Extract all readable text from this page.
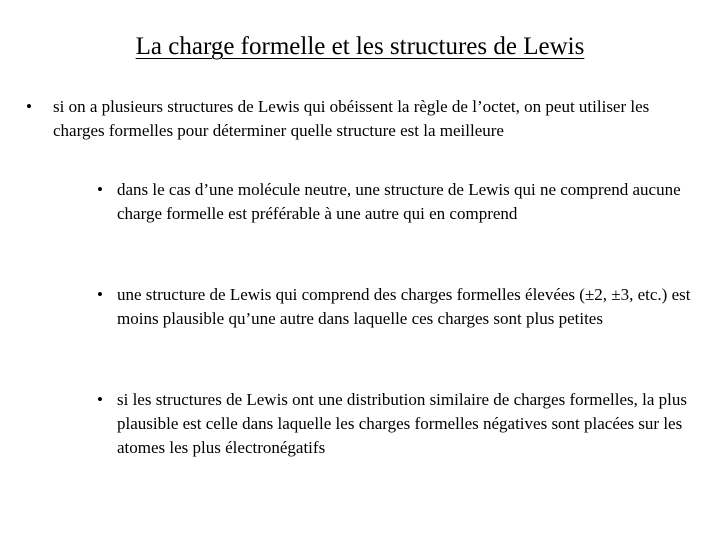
La charge formelle et les structures de Lewis
•	si on a plusieurs structures de Lewis qui obéissent la règle de l’octet, on peut utiliser les charges formelles pour déterminer quelle structure est la meilleure
• dans le cas d’une molécule neutre, une structure de Lewis qui ne comprend aucune charge formelle est préférable à une autre qui en comprend
• une structure de Lewis qui comprend des charges formelles élevées (±2, ±3, etc.) est moins plausible qu’une autre dans laquelle ces charges sont plus petites
• si les structures de Lewis ont une distribution similaire de charges formelles, la plus plausible est celle dans laquelle les charges formelles négatives sont placées sur les atomes les plus électronégatifs
